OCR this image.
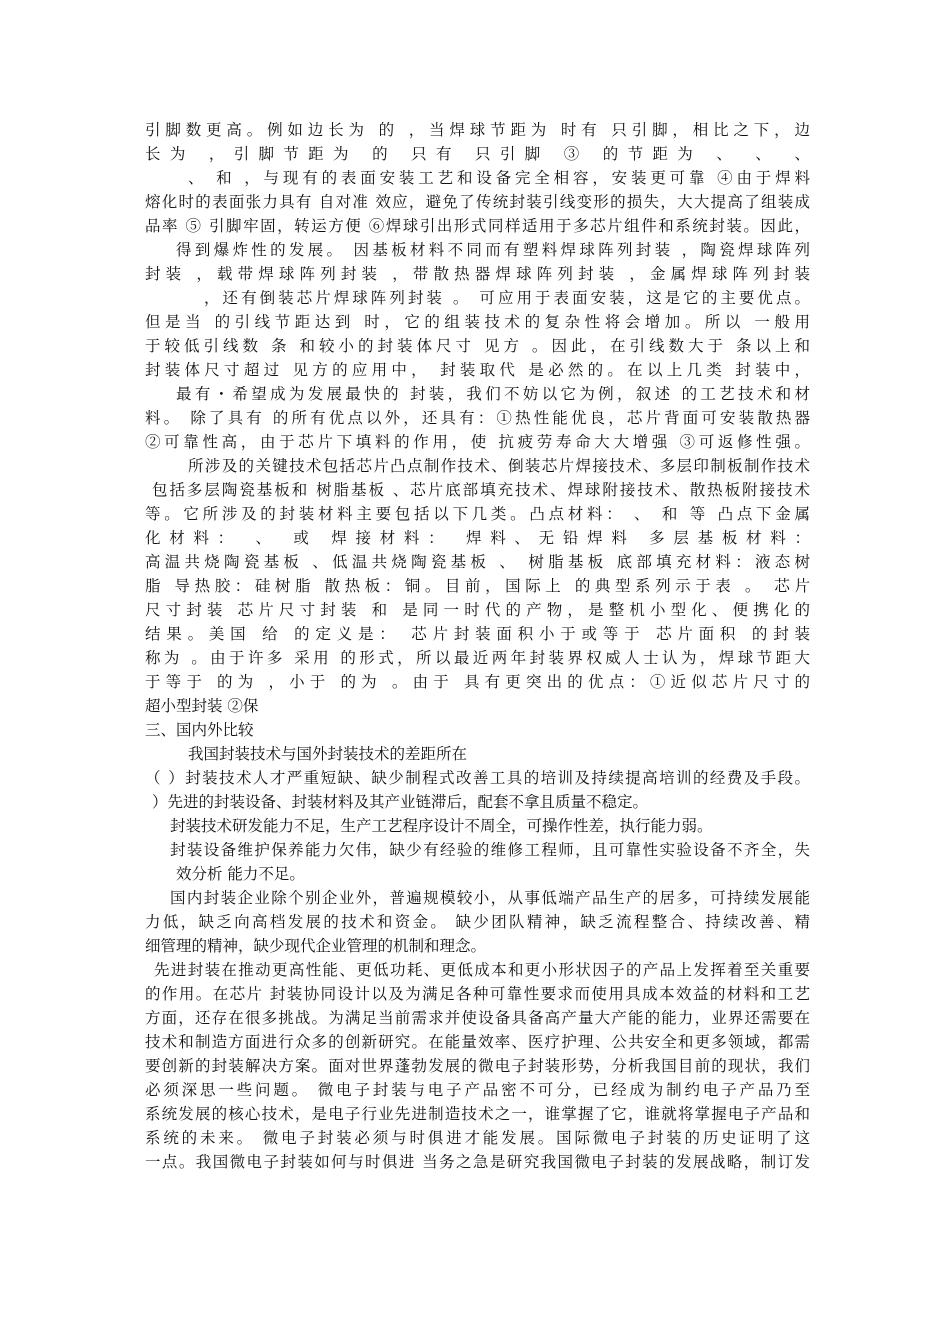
引脚数更高。例如边长为 的 ，当焊球节距为 时有 只引脚，相比之下，边
长为 ，引脚节距为 的 只有 只引脚 ③ 的节距为 、 、 、
、 和 ，与现有的表面安装工艺和设备完全相容，安装更可靠 ④由于焊料
熔化时的表面张力具有 自对准 效应，避免了传统封装引线变形的损失，大大提高了组装成
品率 ⑤ 引脚牢固，转运方便 ⑥焊球引出形式同样适用于多芯片组件和系统封装。因此，
得到爆炸性的发展。 因基板材料不同而有塑料焊球阵列封装 ，陶瓷焊球阵列
封装 ，载带焊球阵列封装 ，带散热器焊球阵列封装 ，金属焊球阵列封装
，还有倒装芯片焊球阵列封装 。 可应用于表面安装，这是它的主要优点。
但是当 的引线节距达到 时，它的组装技术的复杂性将会增加。所以 一般用
于较低引线数 条 和较小的封装体尺寸 见方 。因此，在引线数大于 条以上和
封装体尺寸超过 见方的应用中， 封装取代 是必然的。在以上几类 封装中，
最有・希望成为发展最快的 封装，我们不妨以它为例，叙述 的工艺技术和材
料。 除了具有 的所有优点以外，还具有：①热性能优良，芯片背面可安装散热器
②可靠性高，由于芯片下填料的作用，使 抗疲劳寿命大大增强 ③可返修性强。
所涉及的关键技术包括芯片凸点制作技术、倒装芯片焊接技术、多层印制板制作技术
包括多层陶瓷基板和 树脂基板 、芯片底部填充技术、焊球附接技术、散热板附接技术
等。它所涉及的封装材料主要包括以下几类。凸点材料： 、 和 等 凸点下金属
化材料： 、 或 焊接材料： 焊料、无铅焊料 多层基板材料：
高温共烧陶瓷基板 、低温共烧陶瓷基板 、 树脂基板 底部填充材料：液态树
脂 导热胶：硅树脂 散热板：铜。目前，国际上 的典型系列示于表 。 芯片
尺寸封装 芯片尺寸封装 和 是同一时代的产物，是整机小型化、便携化的
结果。美国 给 的定义是： 芯片封装面积小于或等于 芯片面积 的封装
称为 。由于许多 采用 的形式，所以最近两年封装界权威人士认为，焊球节距大
于等于 的为 ，小于 的为 。由于 具有更突出的优点：①近似芯片尺寸的
超小型封装 ②保
三、国内外比较
我国封装技术与国外封装技术的差距所在
（ ）封装技术人才严重短缺、缺少制程式改善工具的培训及持续提高培训的经费及手段。
）先进的封装设备、封装材料及其产业链滞后，配套不拿且质量不稳定。
封装技术研发能力不足，生产工艺程序设计不周全，可操作性差，执行能力弱。
封装设备维护保养能力欠伟，缺少有经验的维修工程师，且可靠性实验设备不齐全，失
效分析 能力不足。
国内封装企业除个别企业外，普遍规模较小，从事低端产品生产的居多，可持续发展能
力低，缺乏向高档发展的技术和资金。 缺少团队精神，缺乏流程整合、持续改善、精
细管理的精神，缺少现代企业管理的机制和理念。
先进封装在推动更高性能、更低功耗、更低成本和更小形状因子的产品上发挥着至关重要
的作用。在芯片 封装协同设计以及为满足各种可靠性要求而使用具成本效益的材料和工艺
方面，还存在很多挑战。为满足当前需求并使设备具备高产量大产能的能力，业界还需要在
技术和制造方面进行众多的创新研究。在能量效率、医疗护理、公共安全和更多领域，都需
要创新的封装解决方案。面对世界蓬勃发展的微电子封装形势，分析我国目前的现状，我们
必须深思一些问题。 微电子封装与电子产品密不可分，已经成为制约电子产品乃至
系统发展的核心技术，是电子行业先进制造技术之一，谁掌握了它，谁就将掌握电子产品和
系统的未来。 微电子封装必须与时俱进才能发展。国际微电子封装的历史证明了这
一点。我国微电子封装如何与时俱进 当务之急是研究我国微电子封装的发展战略，制订发
